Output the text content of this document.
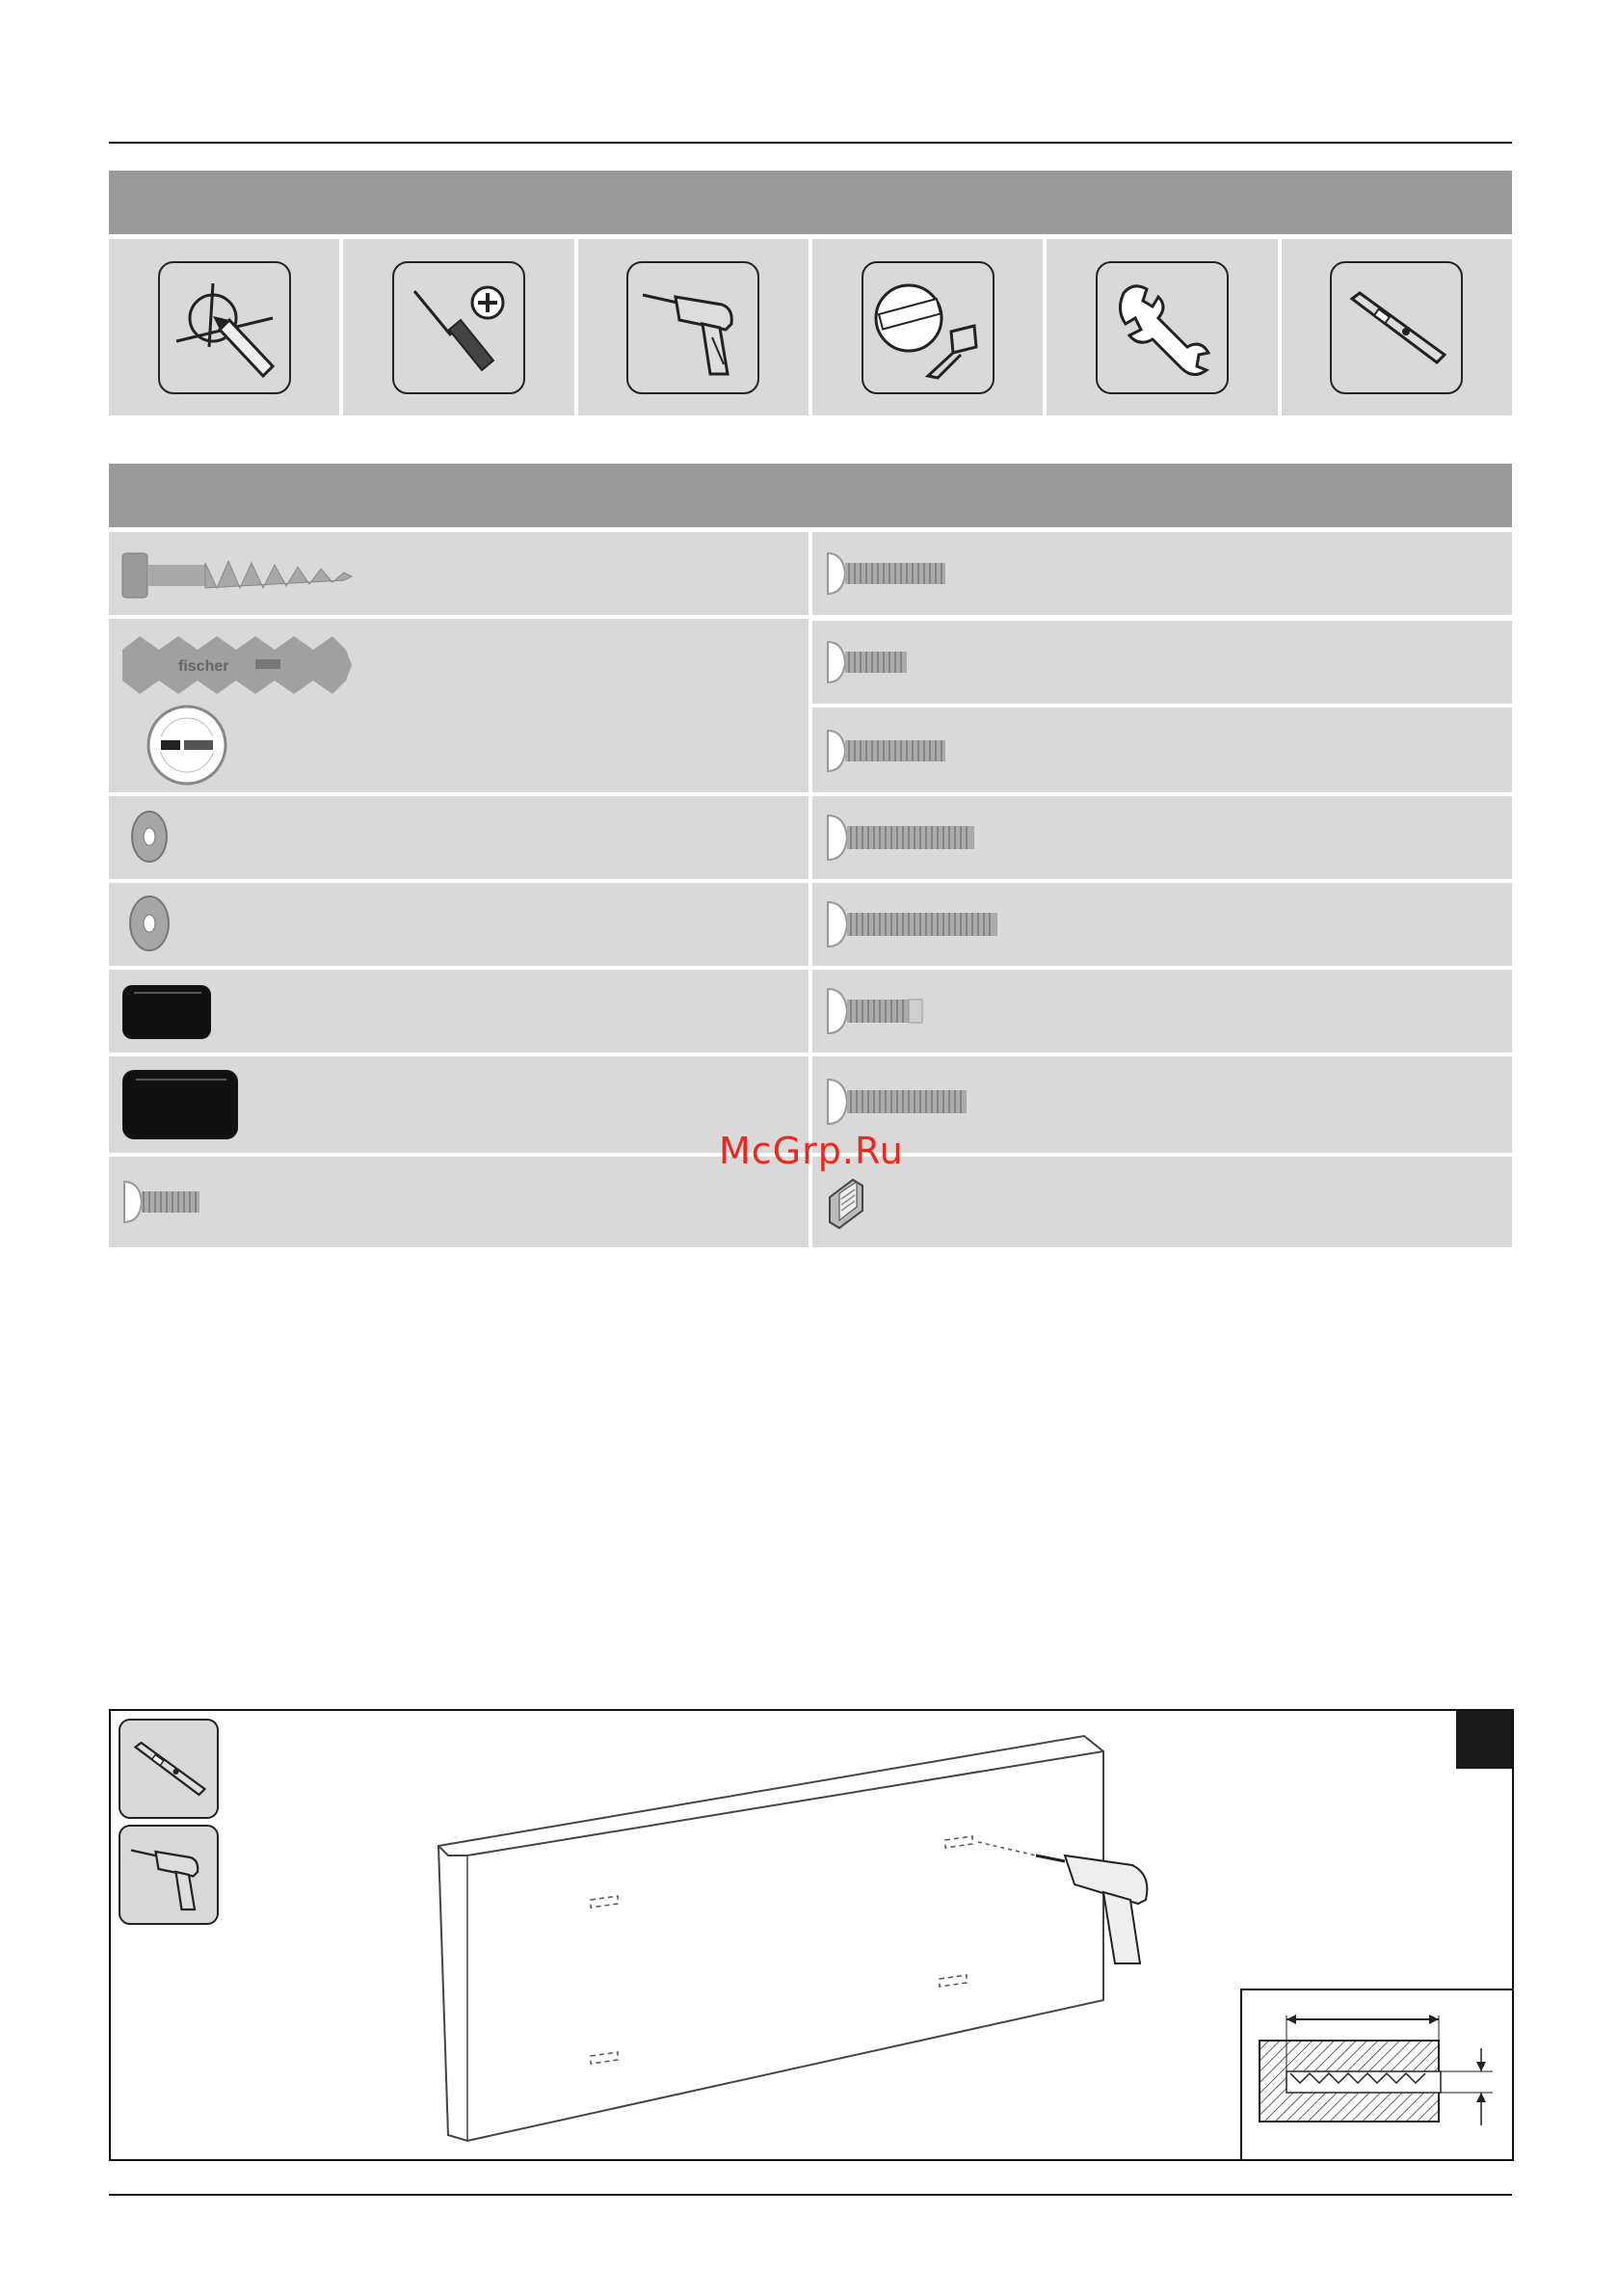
fischer
McGrp.Ru
